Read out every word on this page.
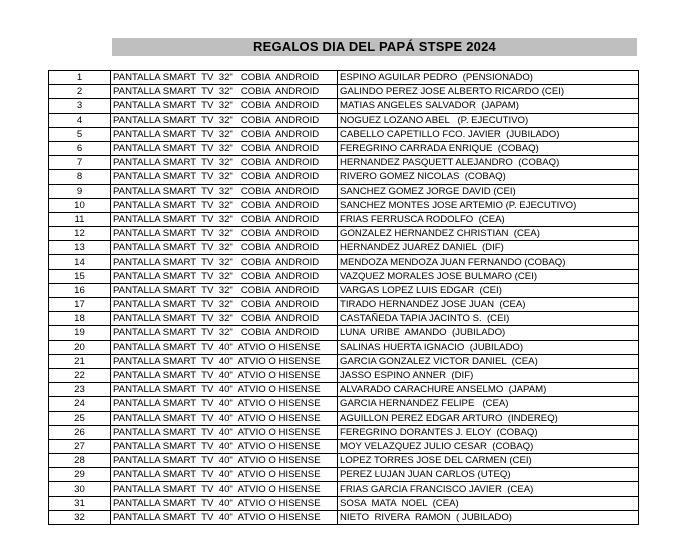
REGALOS DIA DEL PAPÁ STSPE 2024
1	PANTALLA SMART  TV  32"   COBIA  ANDROID	ESPINO AGUILAR PEDRO  (PENSIONADO)
2	PANTALLA SMART  TV  32"   COBIA  ANDROID	GALINDO PEREZ JOSE ALBERTO RICARDO (CEI)
3	PANTALLA SMART  TV  32"   COBIA  ANDROID	MATIAS ANGELES SALVADOR  (JAPAM)
4	PANTALLA SMART  TV  32"   COBIA  ANDROID	NOGUEZ LOZANO ABEL   (P. EJECUTIVO)
5	PANTALLA SMART  TV  32"   COBIA  ANDROID	CABELLO CAPETILLO FCO. JAVIER  (JUBILADO)
6	PANTALLA SMART  TV  32"   COBIA  ANDROID	FEREGRINO CARRADA ENRIQUE  (COBAQ)
7	PANTALLA SMART  TV  32"   COBIA  ANDROID	HERNANDEZ PASQUETT ALEJANDRO  (COBAQ)
8	PANTALLA SMART  TV  32"   COBIA  ANDROID	RIVERO GOMEZ NICOLAS  (COBAQ)
9	PANTALLA SMART  TV  32"   COBIA  ANDROID	SANCHEZ GOMEZ JORGE DAVID (CEI)
10	PANTALLA SMART  TV  32"   COBIA  ANDROID	SANCHEZ MONTES JOSE ARTEMIO (P. EJECUTIVO)
11	PANTALLA SMART  TV  32"   COBIA  ANDROID	FRIAS FERRUSCA RODOLFO  (CEA)
12	PANTALLA SMART  TV  32"   COBIA  ANDROID	GONZALEZ HERNANDEZ CHRISTIAN  (CEA)
13	PANTALLA SMART  TV  32"   COBIA  ANDROID	HERNANDEZ JUAREZ DANIEL  (DIF)
14	PANTALLA SMART  TV  32"   COBIA  ANDROID	MENDOZA MENDOZA JUAN FERNANDO (COBAQ)
15	PANTALLA SMART  TV  32"   COBIA  ANDROID	VAZQUEZ MORALES JOSE BULMARO (CEI)
16	PANTALLA SMART  TV  32"   COBIA  ANDROID	VARGAS LOPEZ LUIS EDGAR  (CEI)
17	PANTALLA SMART  TV  32"   COBIA  ANDROID	TIRADO HERNANDEZ JOSE JUAN  (CEA)
18	PANTALLA SMART  TV  32"   COBIA  ANDROID	CASTAÑEDA TAPIA JACINTO S.  (CEI)
19	PANTALLA SMART  TV  32"   COBIA  ANDROID	LUNA  URIBE  AMANDO  (JUBILADO)
20	PANTALLA SMART  TV  40"  ATVIO O HISENSE	SALINAS HUERTA IGNACIO  (JUBILADO)
21	PANTALLA SMART  TV  40"  ATVIO O HISENSE	GARCIA GONZALEZ VICTOR DANIEL  (CEA)
22	PANTALLA SMART  TV  40"  ATVIO O HISENSE	JASSO ESPINO ANNER  (DIF)
23	PANTALLA SMART  TV  40"  ATVIO O HISENSE	ALVARADO CARACHURE ANSELMO  (JAPAM)
24	PANTALLA SMART  TV  40"  ATVIO O HISENSE	GARCIA HERNANDEZ FELIPE   (CEA)
25	PANTALLA SMART  TV  40"  ATVIO O HISENSE	AGUILLON PEREZ EDGAR ARTURO  (INDEREQ)
26	PANTALLA SMART  TV  40"  ATVIO O HISENSE	FEREGRINO DORANTES J. ELOY  (COBAQ)
27	PANTALLA SMART  TV  40"  ATVIO O HISENSE	MOY VELAZQUEZ JULIO CESAR  (COBAQ)
28	PANTALLA SMART  TV  40"  ATVIO O HISENSE	LOPEZ TORRES JOSE DEL CARMEN (CEI)
29	PANTALLA SMART  TV  40"  ATVIO O HISENSE	PEREZ LUJAN JUAN CARLOS (UTEQ)
30	PANTALLA SMART  TV  40"  ATVIO O HISENSE	FRIAS GARCIA FRANCISCO JAVIER  (CEA)
31	PANTALLA SMART  TV  40"  ATVIO O HISENSE	SOSA  MATA  NOEL  (CEA)
32	PANTALLA SMART  TV  40"  ATVIO O HISENSE	NIETO  RIVERA  RAMON  ( JUBILADO)
